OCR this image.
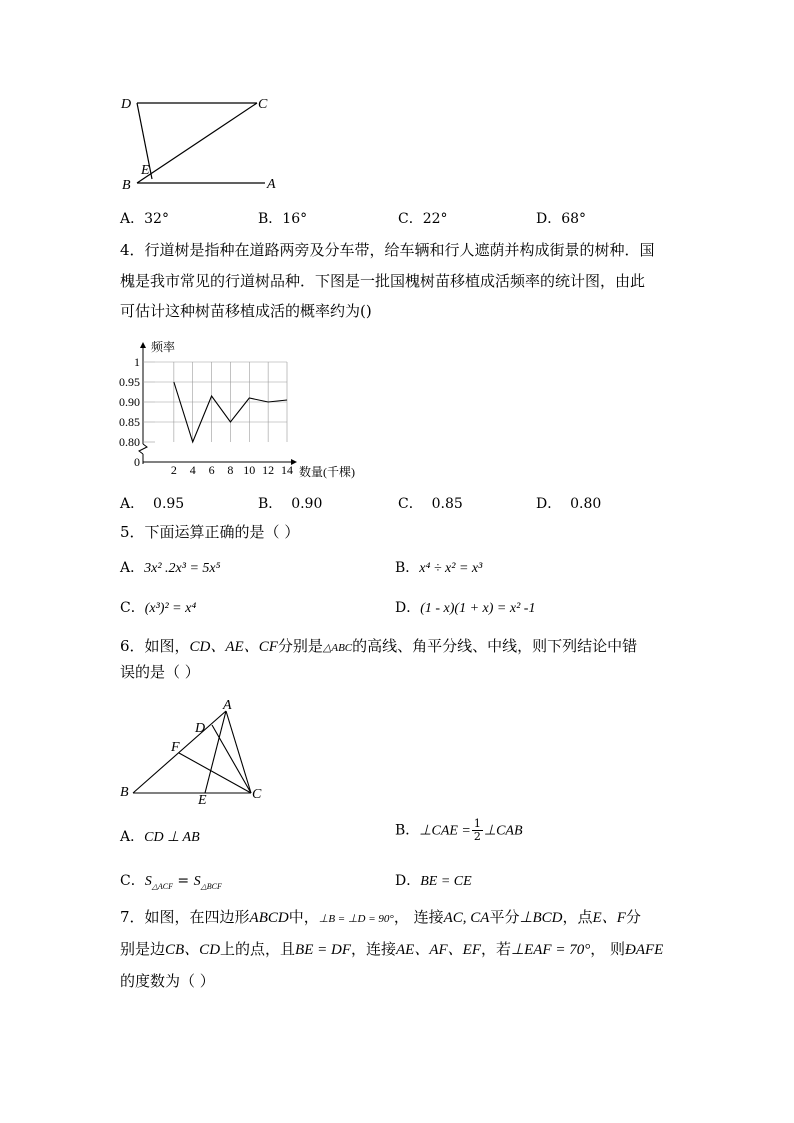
D	C
E
B	A
A．32°	B．16°	C．22°	D．68°
4．行道树是指种在道路两旁及分车带，给车辆和行人遮荫并构成街景的树种．国
槐是我市常见的行道树品种．下图是一批国槐树苗移植成活频率的统计图，由此
可估计这种树苗移植成活的概率约为()
0
0.80
0.85
0.90
0.95
1
2 4 6 8 10 12 14
频率
数量(千棵)
A． 0.95	B． 0.90	C． 0.85	D． 0.80
5．下面运算正确的是（ ）
A．3x² .2x³ = 5x⁵	B．x⁴ ÷ x² = x³
C．(x³)² = x⁴	D．(1 - x)(1 + x) = x² -1
6．如图，CD、AE、CF分别是△ABC的高线、角平分线、中线，则下列结论中错
误的是（ ）
A
D
F
B
E	C
A．CD ⊥ AB	B．⊥CAE = $\frac{1}{2}$ ⊥CAB
C．$S_{\triangle ACF} = S_{\triangle BCF}$	D．BE = CE
7．如图，在四边形ABCD中，⊥B = ⊥D = 90°， 连接AC, CA平分⊥BCD，点E、F分
别是边CB、CD上的点，且BE = DF，连接AE、AF、EF，若⊥EAF = 70°， 则ÐAFE
的度数为（ ）
